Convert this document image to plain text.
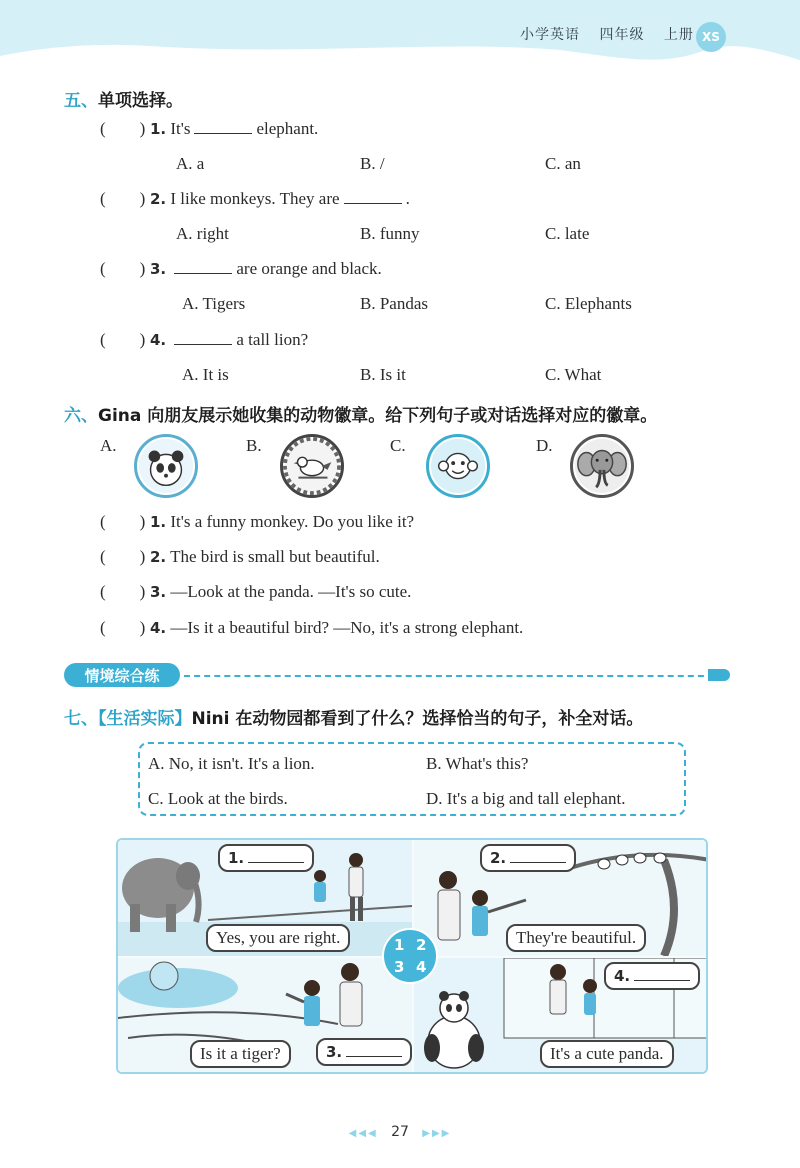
小学英语 四年级 上册 XS
五、单项选择。
(        ) 1. It's	elephant.
A. a	B. /	C. an
(        ) 2. I like monkeys. They are	.
A. right	B. funny	C. late
(        ) 3.	are orange and black.
A. Tigers	B. Pandas	C. Elephants
(        ) 4.	a tall lion?
A. It is	B. Is it	C. What
六、Gina 向朋友展示她收集的动物徽章。给下列句子或对话选择对应的徽章。
A.	B.	C.	D.
(        ) 1. It's a funny monkey. Do you like it?
(        ) 2. The bird is small but beautiful.
(        ) 3. —Look at the panda. —It's so cute.
(        ) 4. —Is it a beautiful bird? —No, it's a strong elephant.
情境综合练
七、【生活实际】Nini 在动物园都看到了什么？选择恰当的句子，补全对话。
A. No, it isn't. It's a lion.	B. What's this?
C. Look at the birds.	D. It's a big and tall elephant.
1.
Yes, you are right.
2.
They're beautiful.
Is it a tiger?	3.
4.
It's a cute panda.
1 2
3 4
◀◀◀ 27 ▶▶▶
